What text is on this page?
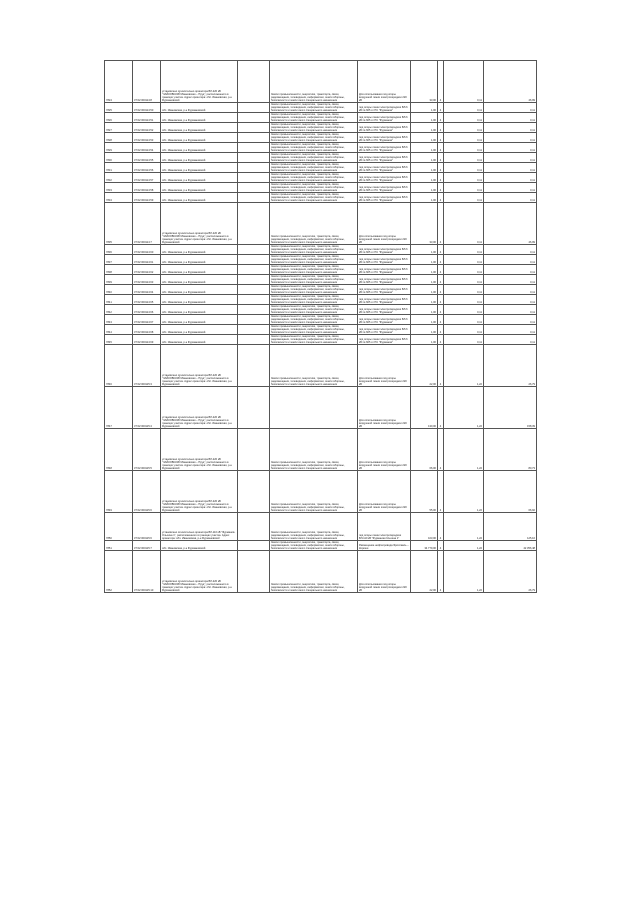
7824	37:02:000114:8	установлено относительно ориентира ВЛ-220 кВ "ЧАЙКОВСКИЙ Ивановская – Пруд", расположенного в границах участка. Адрес ориентира: обл. Ивановская, р-н Фурмановский		Земли промышленности, энергетики, транспорта, связи, радиовещания, телевидения, информатики, земли обороны, безопасности и земли иного специального назначения	Для использования под опоры воздушной линии электропередачи 220 кВ	33,00	4	0,11	46,99
7825	37:02:000114:50	обл. Ивановская, р-н Фурмановский		Земли промышленности, энергетики, транспорта, связи, радиовещания, телевидения, информатики, земли обороны, безопасности и земли иного специального назначения	под опоры линии электропередачи ВЛ-6 кВ № 605 от ПС "Фурманов"	1,00	4	0,11	0,11
7826	37:02:000114:51	обл. Ивановская, р-н Фурмановский		Земли промышленности, энергетики, транспорта, связи, радиовещания, телевидения, информатики, земли обороны, безопасности и земли иного специального назначения	под опоры линии электропередачи ВЛ-6 кВ № 605 от ПС "Фурманов"	1,00	4	0,11	0,11
7827	37:02:000114:52	обл. Ивановская, р-н Фурмановский		Земли промышленности, энергетики, транспорта, связи, радиовещания, телевидения, информатики, земли обороны, безопасности и земли иного специального назначения	под опоры линии электропередачи ВЛ-6 кВ № 605 от ПС "Фурманов"	1,00	4	0,11	0,11
7828	37:02:000114:53	обл. Ивановская, р-н Фурмановский		Земли промышленности, энергетики, транспорта, связи, радиовещания, телевидения, информатики, земли обороны, безопасности и земли иного специального назначения	под опоры линии электропередачи ВЛ-6 кВ № 605 от ПС "Фурманов"	1,00	4	0,11	0,11
7829	37:02:000114:54	обл. Ивановская, р-н Фурмановский		Земли промышленности, энергетики, транспорта, связи, радиовещания, телевидения, информатики, земли обороны, безопасности и земли иного специального назначения	под опоры линии электропередачи ВЛ-6 кВ № 605 от ПС "Фурманов"	1,00	4	0,11	0,11
7830	37:02:000114:55	обл. Ивановская, р-н Фурмановский		Земли промышленности, энергетики, транспорта, связи, радиовещания, телевидения, информатики, земли обороны, безопасности и земли иного специального назначения	под опоры линии электропередачи ВЛ-6 кВ № 605 от ПС "Фурманов"	1,00	4	0,11	0,11
7831	37:02:000114:56	обл. Ивановская, р-н Фурмановский		Земли промышленности, энергетики, транспорта, связи, радиовещания, телевидения, информатики, земли обороны, безопасности и земли иного специального назначения	под опоры линии электропередачи ВЛ-6 кВ № 605 от ПС "Фурманов"	1,00	4	0,11	0,11
7832	37:02:000114:57	обл. Ивановская, р-н Фурмановский		Земли промышленности, энергетики, транспорта, связи, радиовещания, телевидения, информатики, земли обороны, безопасности и земли иного специального назначения	под опоры линии электропередачи ВЛ-6 кВ № 605 от ПС "Фурманов"	1,00	4	0,11	0,11
7833	37:02:000114:58	обл. Ивановская, р-н Фурмановский		Земли промышленности, энергетики, транспорта, связи, радиовещания, телевидения, информатики, земли обороны, безопасности и земли иного специального назначения	под опоры линии электропередачи ВЛ-6 кВ № 605 от ПС "Фурманов"	1,00	4	0,11	0,11
7834	37:02:000114:59	обл. Ивановская, р-н Фурмановский		Земли промышленности, энергетики, транспорта, связи, радиовещания, телевидения, информатики, земли обороны, безопасности и земли иного специального назначения	под опоры линии электропередачи ВЛ-6 кВ № 605 от ПС "Фурманов"	1,00	4	0,11	0,11
7835	37:02:000114:7	установлено относительно ориентира ВЛ-220 кВ "ЧАЙКОВСКИЙ Ивановская – Пруд", расположенного в границах участка. Адрес ориентира: обл. Ивановская, р-н Фурмановский		Земли промышленности, энергетики, транспорта, связи, радиовещания, телевидения, информатики, земли обороны, безопасности и земли иного специального назначения	Для использования под опоры воздушной линии электропередачи 220 кВ	33,00	4	0,11	46,99
7836	37:02:000114:60	обл. Ивановская, р-н Фурмановский		Земли промышленности, энергетики, транспорта, связи, радиовещания, телевидения, информатики, земли обороны, безопасности и земли иного специального назначения	под опоры линии электропередачи ВЛ-6 кВ № 605 от ПС "Фурманов"	1,00	4	0,11	0,11
7837	37:02:000114:61	обл. Ивановская, р-н Фурмановский		Земли промышленности, энергетики, транспорта, связи, радиовещания, телевидения, информатики, земли обороны, безопасности и земли иного специального назначения	под опоры линии электропередачи ВЛ-6 кВ № 605 от ПС "Фурманов"	1,00	4	0,11	0,11
7838	37:02:000114:62	обл. Ивановская, р-н Фурмановский		Земли промышленности, энергетики, транспорта, связи, радиовещания, телевидения, информатики, земли обороны, безопасности и земли иного специального назначения	под опоры линии электропередачи ВЛ-6 кВ № 605 от ПС "Фурманов"	1,00	4	0,11	0,11
7839	37:02:000114:63	обл. Ивановская, р-н Фурмановский		Земли промышленности, энергетики, транспорта, связи, радиовещания, телевидения, информатики, земли обороны, безопасности и земли иного специального назначения	под опоры линии электропередачи ВЛ-6 кВ № 605 от ПС "Фурманов"	1,00	4	0,11	0,11
7840	37:02:000114:64	обл. Ивановская, р-н Фурмановский		Земли промышленности, энергетики, транспорта, связи, радиовещания, телевидения, информатики, земли обороны, безопасности и земли иного специального назначения	под опоры линии электропередачи ВЛ-6 кВ № 605 от ПС "Фурманов"	1,00	4	0,11	0,11
7841	37:02:000114:65	обл. Ивановская, р-н Фурмановский		Земли промышленности, энергетики, транспорта, связи, радиовещания, телевидения, информатики, земли обороны, безопасности и земли иного специального назначения	под опоры линии электропередачи ВЛ-6 кВ № 605 от ПС "Фурманов"	1,00	4	0,11	0,11
7842	37:02:000114:66	обл. Ивановская, р-н Фурмановский		Земли промышленности, энергетики, транспорта, связи, радиовещания, телевидения, информатики, земли обороны, безопасности и земли иного специального назначения	под опоры линии электропередачи ВЛ-6 кВ № 605 от ПС "Фурманов"	1,00	4	0,11	0,11
7843	37:02:000114:67	обл. Ивановская, р-н Фурмановский		Земли промышленности, энергетики, транспорта, связи, радиовещания, телевидения, информатики, земли обороны, безопасности и земли иного специального назначения	под опоры линии электропередачи ВЛ-6 кВ № 605 от ПС "Фурманов"	1,00	4	0,11	0,11
7844	37:02:000114:68	обл. Ивановская, р-н Фурмановский		Земли промышленности, энергетики, транспорта, связи, радиовещания, телевидения, информатики, земли обороны, безопасности и земли иного специального назначения	под опоры линии электропередачи ВЛ-6 кВ № 605 от ПС "Фурманов"	1,00	4	0,11	0,11
7845	37:02:000114:69	обл. Ивановская, р-н Фурмановский		Земли промышленности, энергетики, транспорта, связи, радиовещания, телевидения, информатики, земли обороны, безопасности и земли иного специального назначения	под опоры линии электропередачи ВЛ-6 кВ № 605 от ПС "Фурманов"	1,00	4	0,11	0,11
7846	37:02:000115:3	установлено относительно ориентира ВЛ-220 кВ "ЧАЙКОВСКИЙ Ивановская – Пруд", расположенного в границах участка. Адрес ориентира: обл. Ивановская, р-н Фурмановский		Земли промышленности, энергетики, транспорта, связи, радиовещания, телевидения, информатики, земли обороны, безопасности и земли иного специального назначения	Для использования под опоры воздушной линии электропередачи 220 кВ	22,00	4	1,22	26,79
7847	37:02:000115:4	установлено относительно ориентира ВЛ-220 кВ "ЧАЙКОВСКИЙ Ивановская – Пруд", расположенного в границах участка. Адрес ориентира: обл. Ивановская, р-н Фурмановский			Для использования под опоры воздушной линии электропередачи 220 кВ	130,00	4	1,22	158,39
7848	37:02:000115:5	установлено относительно ориентира ВЛ-220 кВ "ЧАЙКОВСКИЙ Ивановская – Пруд", расположенного в границах участка. Адрес ориентира: обл. Ивановская, р-н Фурмановский		Земли промышленности, энергетики, транспорта, связи, радиовещания, телевидения, информатики, земли обороны, безопасности и земли иного специального назначения	Для использования под опоры воздушной линии электропередачи 220 кВ	66,00	4	1,22	80,73
7849	37:02:000115:6	установлено относительно ориентира ВЛ-220 кВ "ЧАЙКОВСКИЙ Ивановская – Пруд", расположенного в границах участка. Адрес ориентира: обл. Ивановская, р-н Фурмановский		Земли промышленности, энергетики, транспорта, связи, радиовещания, телевидения, информатики, земли обороны, безопасности и земли иного специального назначения	Для использования под опоры воздушной линии электропередачи 220 кВ	55,00	4	1,22	66,92
7850	37:02:000115:6	установлено относительно ориентира ВЛ-110 кВ "Фурманов-Ольхина 1", расположенного в границах участка. Адрес ориентира: обл. Ивановская, р-н Фурмановский		Земли промышленности, энергетики, транспорта, связи, радиовещания, телевидения, информатики, земли обороны, безопасности и земли иного специального назначения	под опоры линии электропередачи ВЛ-110 кВ "Фурманов-Ольхина 1"	103,00	4	1,22	125,16
7851	37:02:000115:7	обл. Ивановская, р-н Фурмановский		Земли промышленности, энергетики, транспорта, связи, радиовещания, телевидения, информатики, земли обороны, безопасности и земли иного специального назначения	Размещение нефтепровода Ярославль – Кириши	34 779,00	4	1,22	42 356,48
7852	37:02:000115:10	установлено относительно ориентира ВЛ-220 кВ "ЧАЙКОВСКИЙ Ивановская – Пруд", расположенного в границах участка. Адрес ориентира: обл. Ивановская, р-н Фурмановский		Земли промышленности, энергетики, транспорта, связи, радиовещания, телевидения, информатики, земли обороны, безопасности и земли иного специального назначения	Для использования под опоры воздушной линии электропередачи 220 кВ	22,00	4	1,22	26,79
